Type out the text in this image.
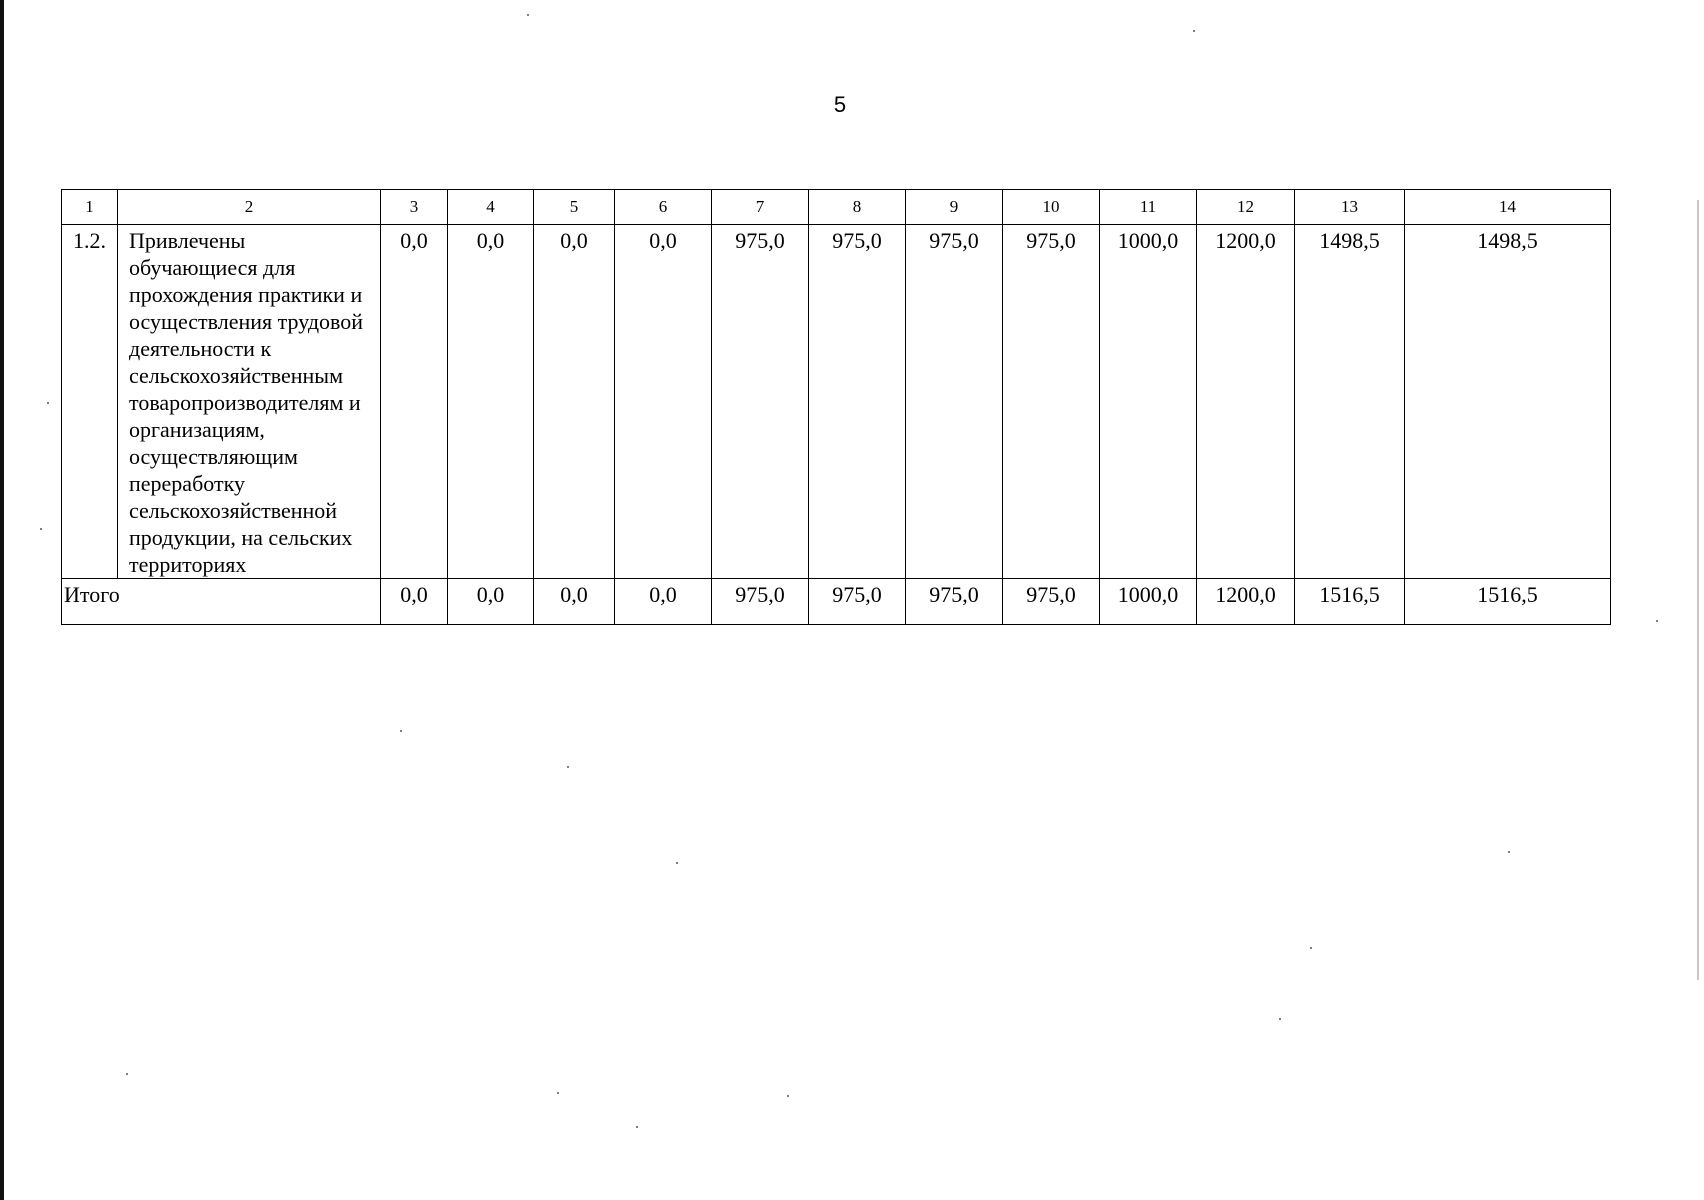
5
1	2	3	4	5	6	7	8	9	10	11	12	13	14
1.2.	Привлечены обучающиеся для прохождения практики и осуществления трудовой деятельности к сельскохозяйственным товаропроизводителям и организациям, осуществляющим переработку сельскохозяйственной продукции, на сельских территориях	0,0	0,0	0,0	0,0	975,0	975,0	975,0	975,0	1000,0	1200,0	1498,5	1498,5
Итого		0,0	0,0	0,0	0,0	975,0	975,0	975,0	975,0	1000,0	1200,0	1516,5	1516,5
